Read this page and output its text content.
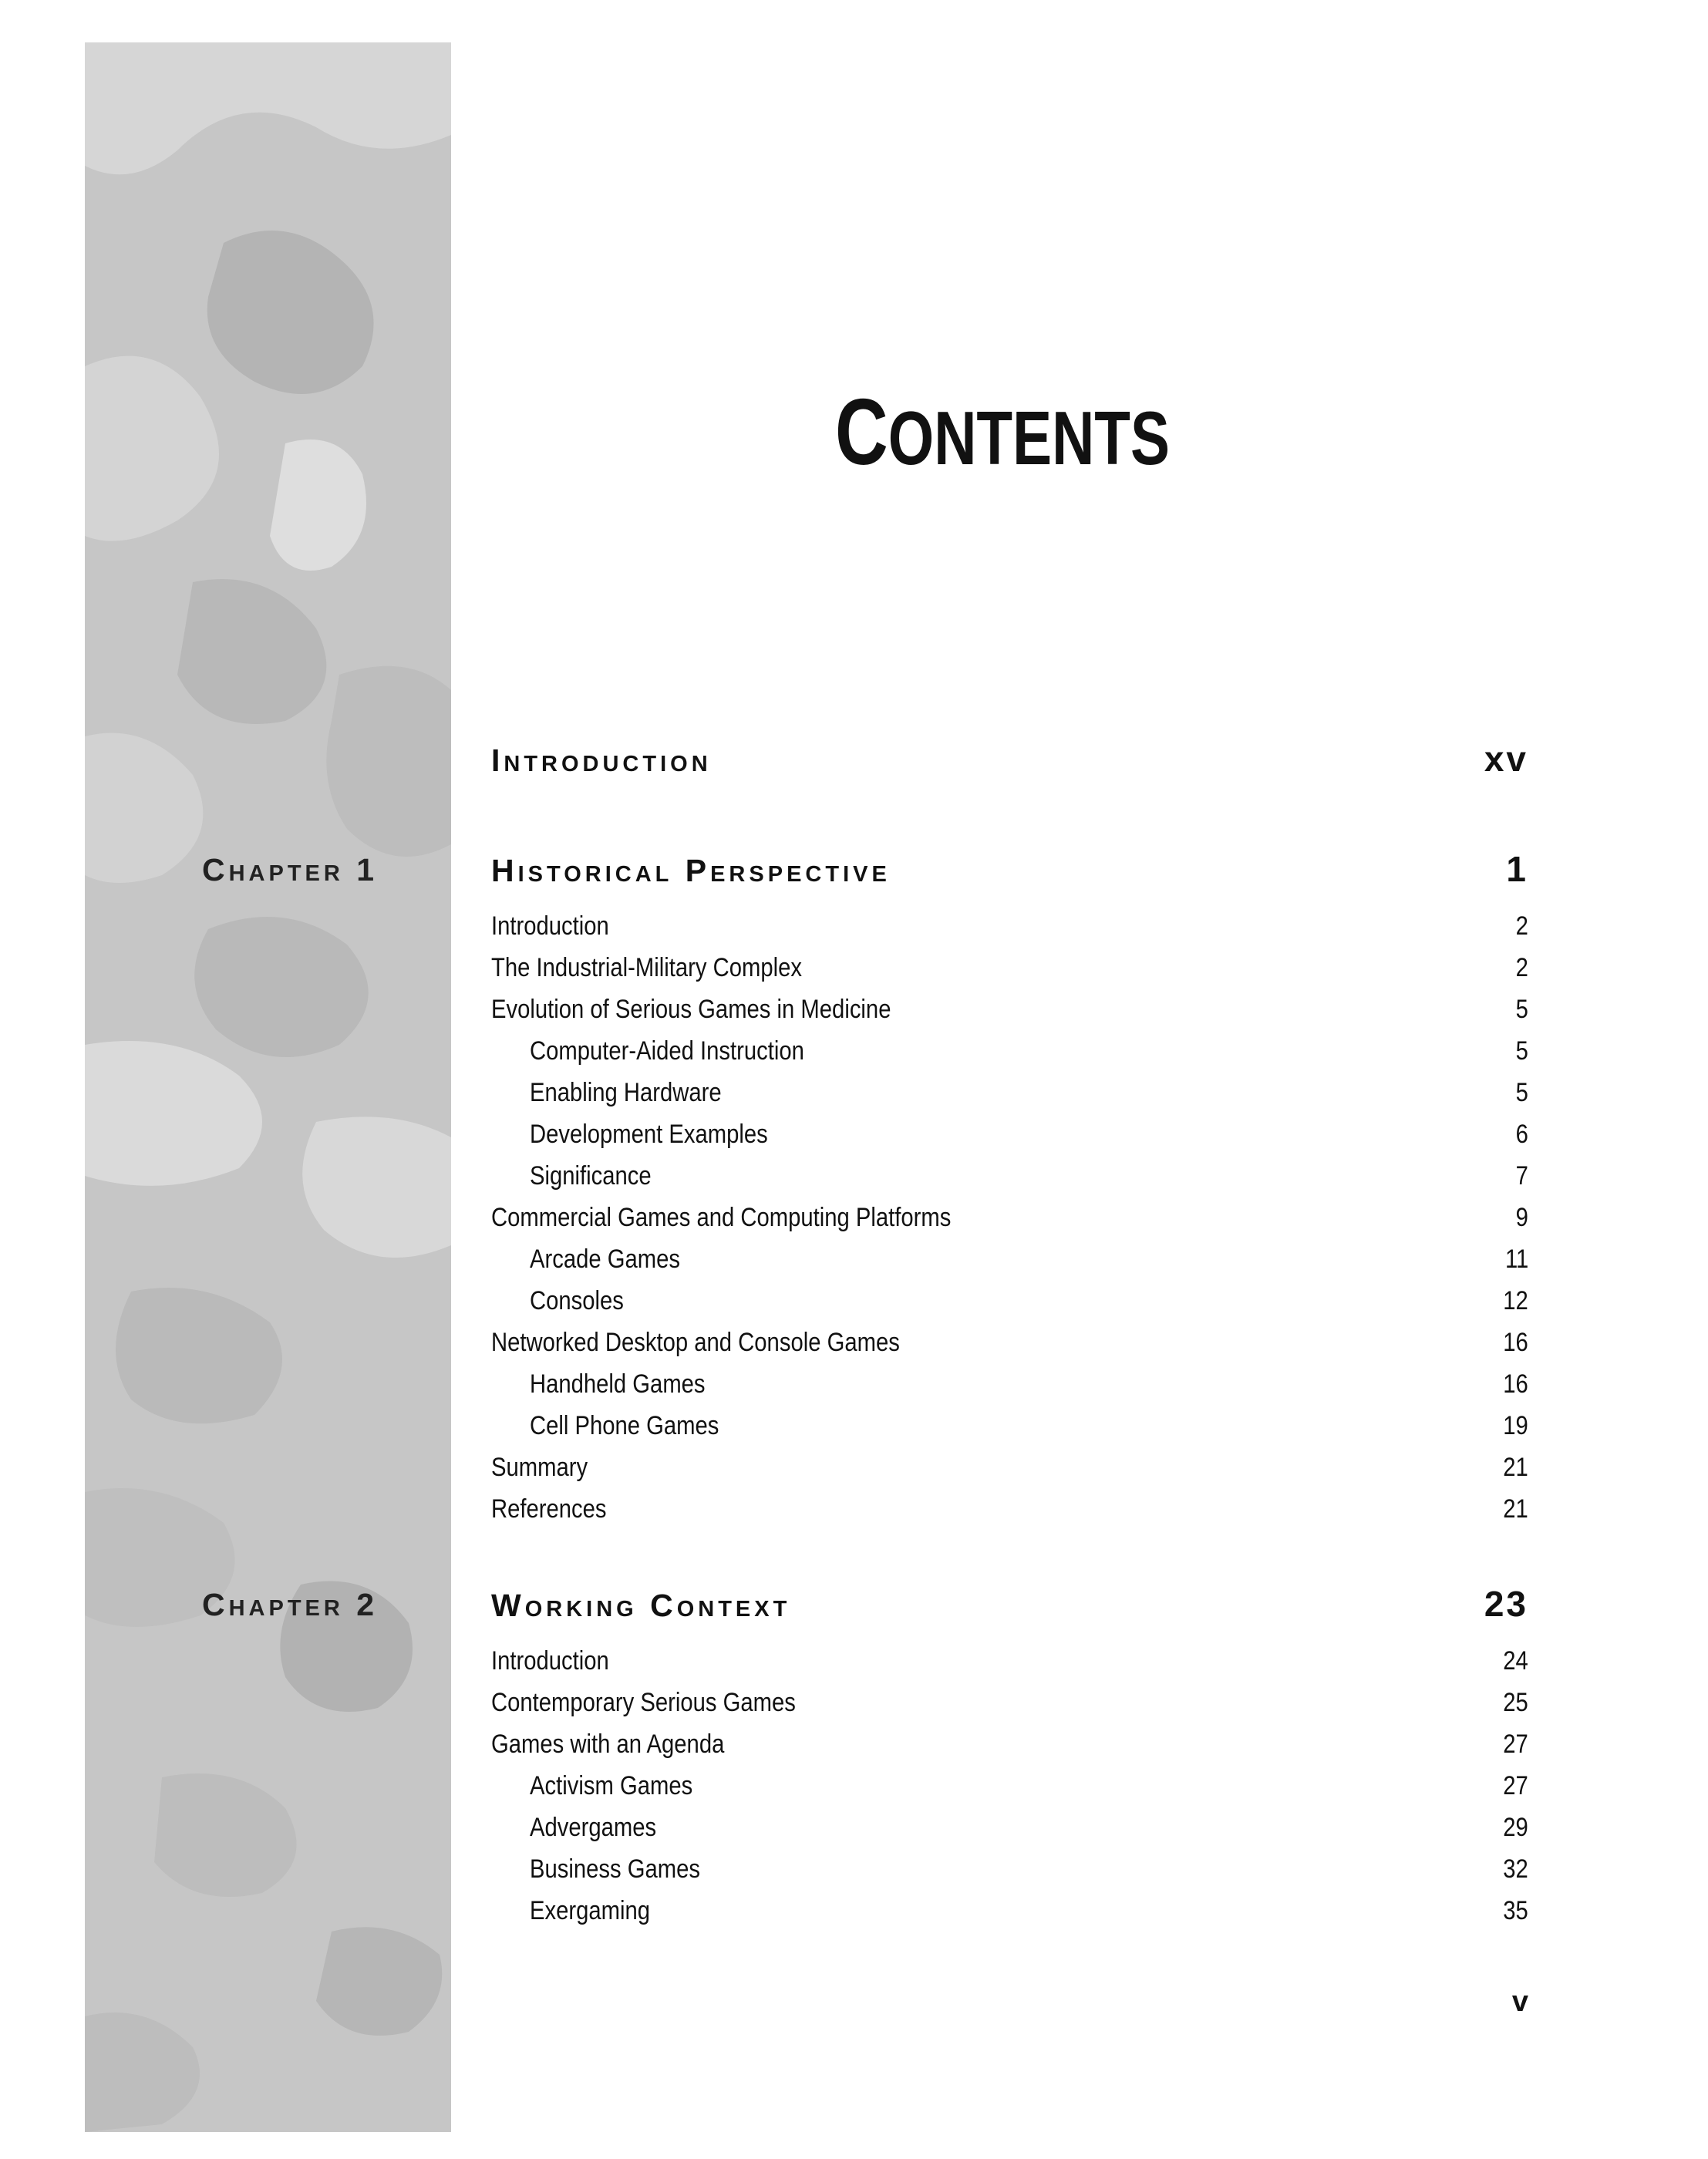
CONTENTS
Introduction	xv
Chapter 1	Historical Perspective	1
Introduction	2
The Industrial-Military Complex	2
Evolution of Serious Games in Medicine	5
Computer-Aided Instruction	5
Enabling Hardware	5
Development Examples	6
Significance	7
Commercial Games and Computing Platforms	9
Arcade Games	11
Consoles	12
Networked Desktop and Console Games	16
Handheld Games	16
Cell Phone Games	19
Summary	21
References	21
Chapter 2	Working Context	23
Introduction	24
Contemporary Serious Games	25
Games with an Agenda	27
Activism Games	27
Advergames	29
Business Games	32
Exergaming	35
v
